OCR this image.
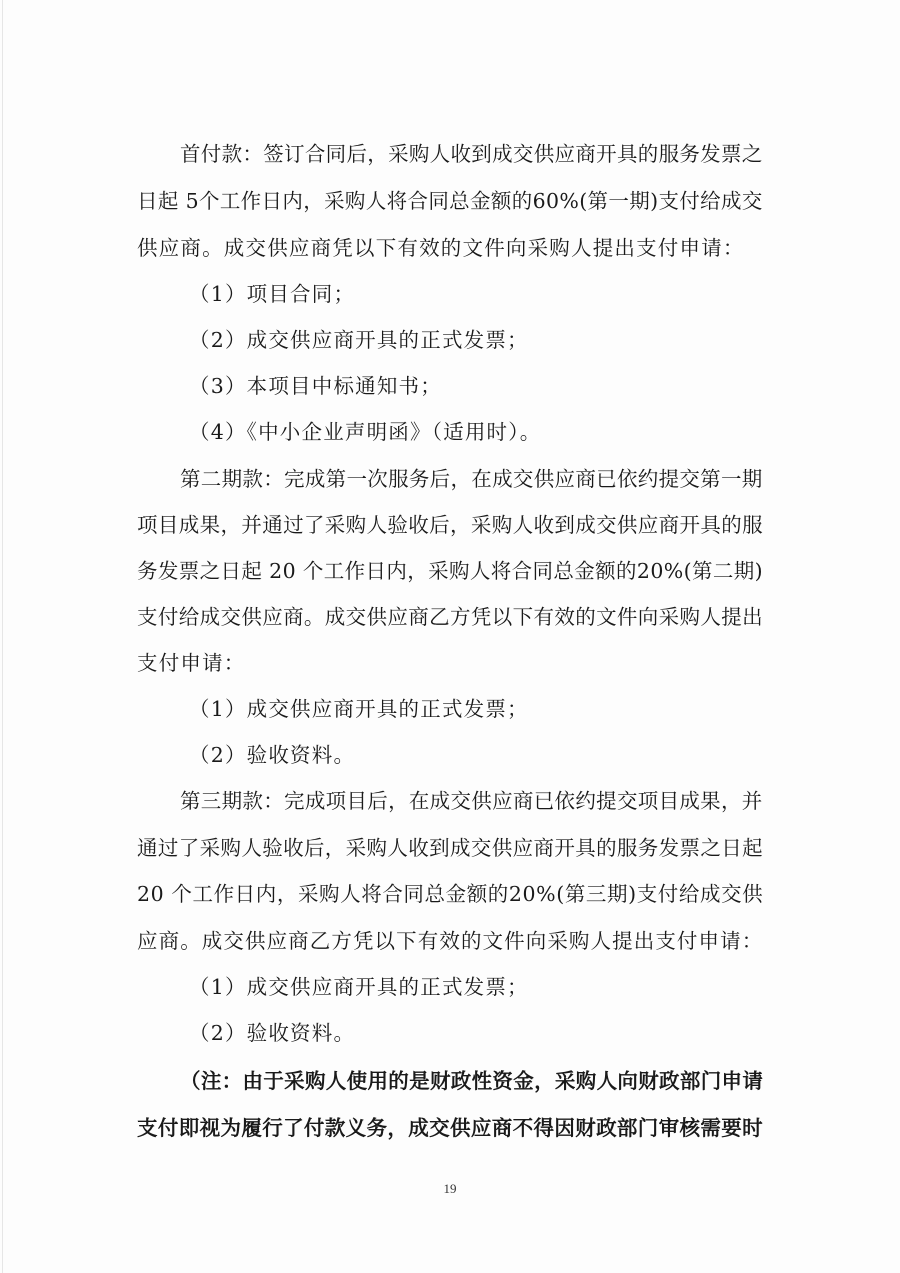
首付款：签订合同后，采购人收到成交供应商开具的服务发票之
日起 5个工作日内，采购人将合同总金额的60%(第一期)支付给成交
供应商。成交供应商凭以下有效的文件向采购人提出支付申请：
（1）项目合同；
（2）成交供应商开具的正式发票；
（3）本项目中标通知书；
（4）《中小企业声明函》（适用时）。
第二期款：完成第一次服务后，在成交供应商已依约提交第一期
项目成果，并通过了采购人验收后，采购人收到成交供应商开具的服
务发票之日起 20 个工作日内，采购人将合同总金额的20%(第二期)
支付给成交供应商。成交供应商乙方凭以下有效的文件向采购人提出
支付申请：
（1）成交供应商开具的正式发票；
（2）验收资料。
第三期款：完成项目后，在成交供应商已依约提交项目成果，并
通过了采购人验收后，采购人收到成交供应商开具的服务发票之日起
20 个工作日内，采购人将合同总金额的20%(第三期)支付给成交供
应商。成交供应商乙方凭以下有效的文件向采购人提出支付申请：
（1）成交供应商开具的正式发票；
（2）验收资料。
（注：由于采购人使用的是财政性资金，采购人向财政部门申请
支付即视为履行了付款义务，成交供应商不得因财政部门审核需要时
19
